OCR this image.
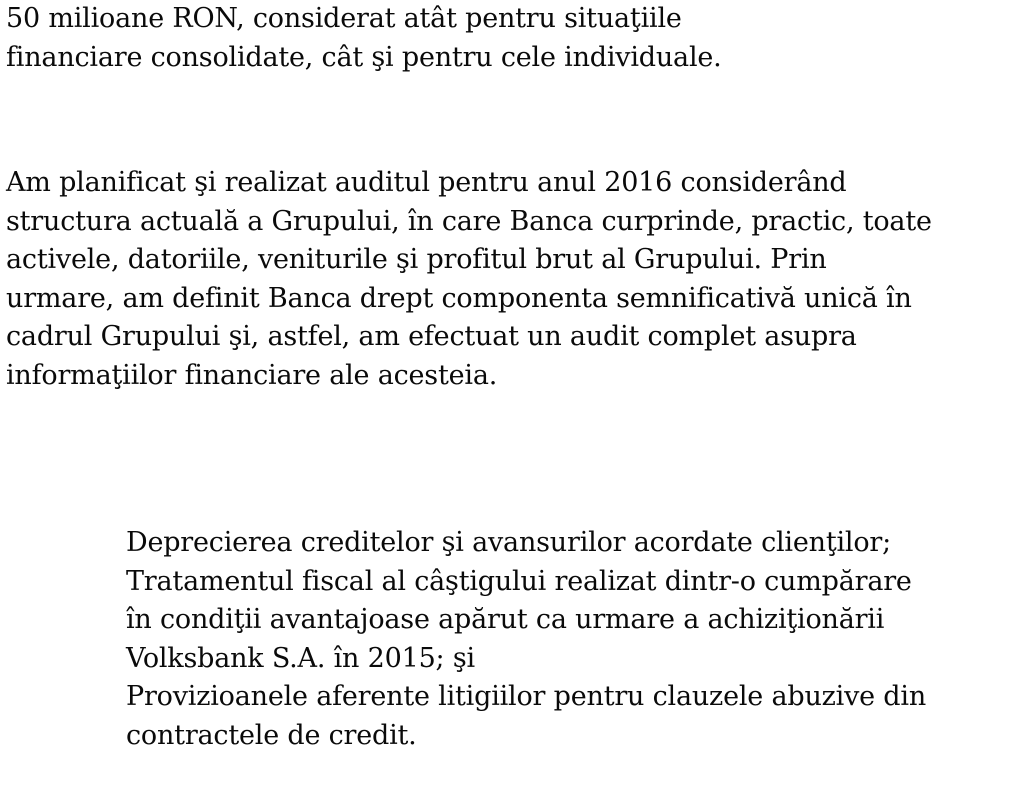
50 milioane RON, considerat atât pentru situaţiile
financiare consolidate, cât şi pentru cele individuale.

Am planificat şi realizat auditul pentru anul 2016 considerând
structura actuală a Grupului, în care Banca curprinde, practic, toate
activele, datoriile, veniturile şi profitul brut al Grupului. Prin
urmare, am definit Banca drept componenta semnificativă unică în
cadrul Grupului şi, astfel, am efectuat un audit complet asupra
informaţiilor financiare ale acesteia.

Deprecierea creditelor şi avansurilor acordate clienţilor;
Tratamentul fiscal al câştigului realizat dintr-o cumpărare
în condiţii avantajoase apărut ca urmare a achiziţionării
Volksbank S.A. în 2015; şi
Provizioanele aferente litigiilor pentru clauzele abuzive din
contractele de credit.
